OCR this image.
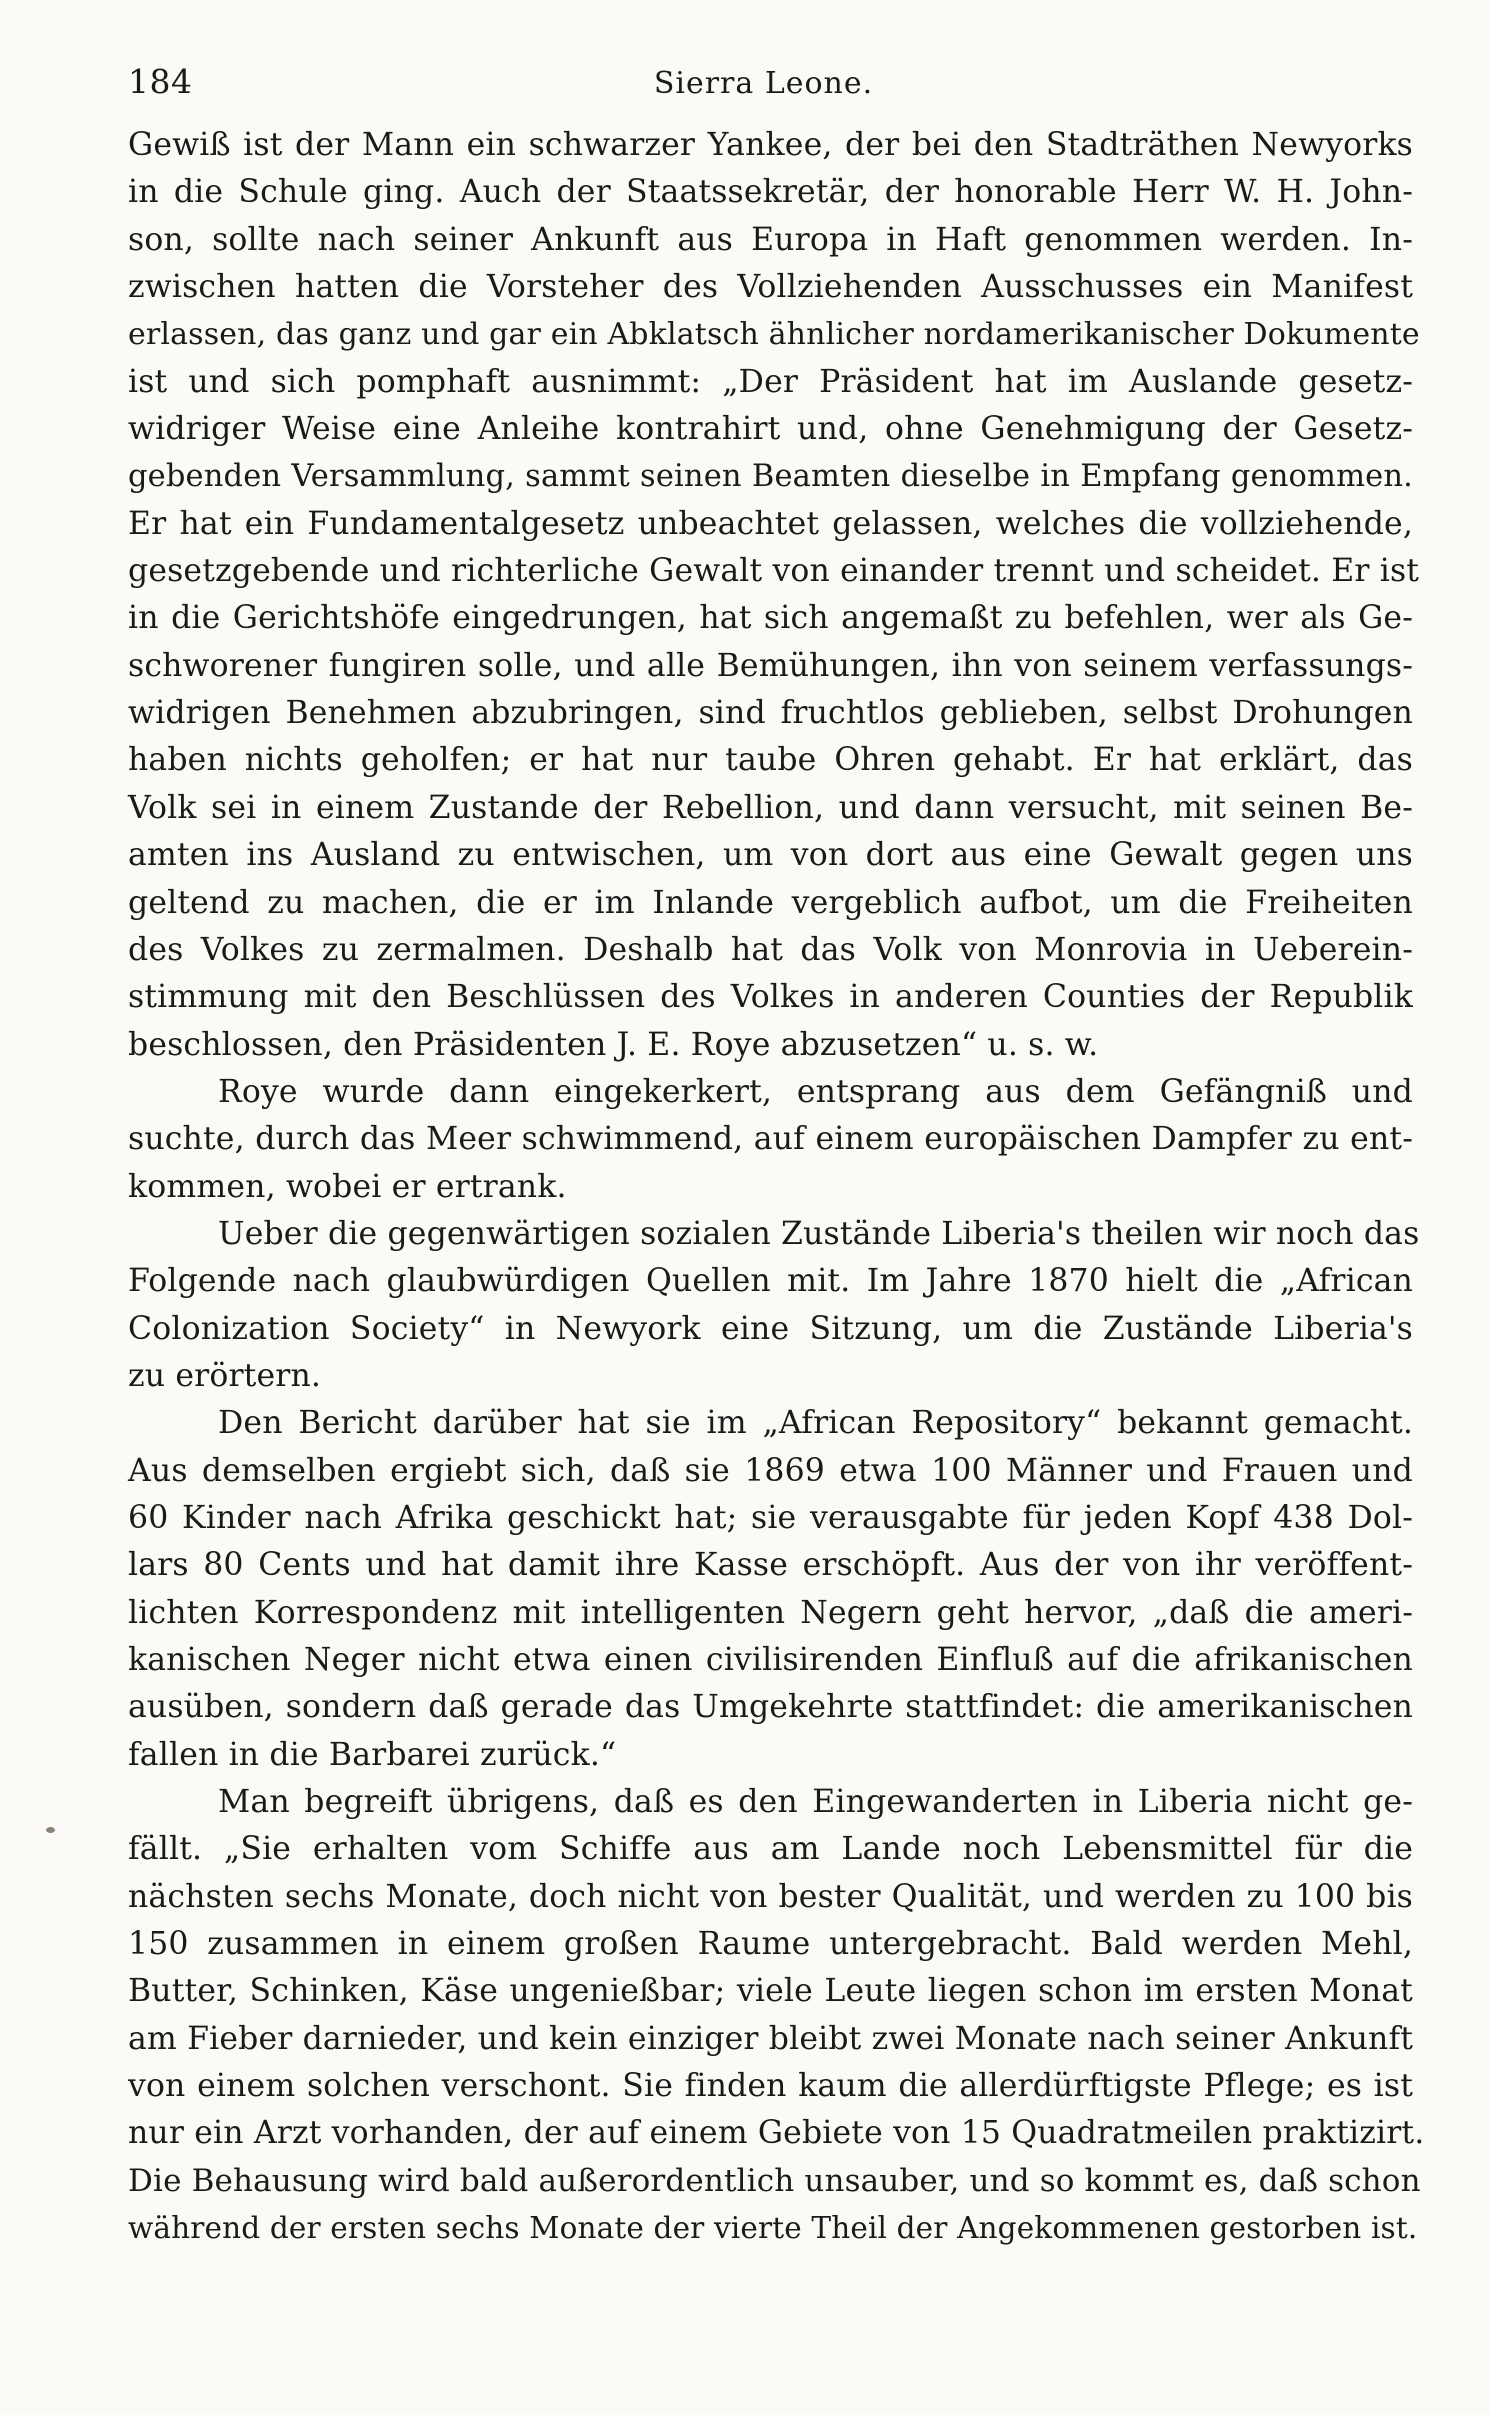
184	Sierra Leone.
Gewiß ist der Mann ein schwarzer Yankee, der bei den Stadträthen Newyorks
in die Schule ging. Auch der Staatssekretär, der honorable Herr W. H. John-
son, sollte nach seiner Ankunft aus Europa in Haft genommen werden. In-
zwischen hatten die Vorsteher des Vollziehenden Ausschusses ein Manifest
erlassen, das ganz und gar ein Abklatsch ähnlicher nordamerikanischer Dokumente
ist und sich pomphaft ausnimmt: „Der Präsident hat im Auslande gesetz-
widriger Weise eine Anleihe kontrahirt und, ohne Genehmigung der Gesetz-
gebenden Versammlung, sammt seinen Beamten dieselbe in Empfang genommen.
Er hat ein Fundamentalgesetz unbeachtet gelassen, welches die vollziehende,
gesetzgebende und richterliche Gewalt von einander trennt und scheidet. Er ist
in die Gerichtshöfe eingedrungen, hat sich angemaßt zu befehlen, wer als Ge-
schworener fungiren solle, und alle Bemühungen, ihn von seinem verfassungs-
widrigen Benehmen abzubringen, sind fruchtlos geblieben, selbst Drohungen
haben nichts geholfen; er hat nur taube Ohren gehabt. Er hat erklärt, das
Volk sei in einem Zustande der Rebellion, und dann versucht, mit seinen Be-
amten ins Ausland zu entwischen, um von dort aus eine Gewalt gegen uns
geltend zu machen, die er im Inlande vergeblich aufbot, um die Freiheiten
des Volkes zu zermalmen. Deshalb hat das Volk von Monrovia in Ueberein-
stimmung mit den Beschlüssen des Volkes in anderen Counties der Republik
beschlossen, den Präsidenten J. E. Roye abzusetzen“ u. s. w.
Roye wurde dann eingekerkert, entsprang aus dem Gefängniß und
suchte, durch das Meer schwimmend, auf einem europäischen Dampfer zu ent-
kommen, wobei er ertrank.
Ueber die gegenwärtigen sozialen Zustände Liberia's theilen wir noch das
Folgende nach glaubwürdigen Quellen mit. Im Jahre 1870 hielt die „African
Colonization Society“ in Newyork eine Sitzung, um die Zustände Liberia's
zu erörtern.
Den Bericht darüber hat sie im „African Repository“ bekannt gemacht.
Aus demselben ergiebt sich, daß sie 1869 etwa 100 Männer und Frauen und
60 Kinder nach Afrika geschickt hat; sie verausgabte für jeden Kopf 438 Dol-
lars 80 Cents und hat damit ihre Kasse erschöpft. Aus der von ihr veröffent-
lichten Korrespondenz mit intelligenten Negern geht hervor, „daß die ameri-
kanischen Neger nicht etwa einen civilisirenden Einfluß auf die afrikanischen
ausüben, sondern daß gerade das Umgekehrte stattfindet: die amerikanischen
fallen in die Barbarei zurück.“
Man begreift übrigens, daß es den Eingewanderten in Liberia nicht ge-
fällt. „Sie erhalten vom Schiffe aus am Lande noch Lebensmittel für die
nächsten sechs Monate, doch nicht von bester Qualität, und werden zu 100 bis
150 zusammen in einem großen Raume untergebracht. Bald werden Mehl,
Butter, Schinken, Käse ungenießbar; viele Leute liegen schon im ersten Monat
am Fieber darnieder, und kein einziger bleibt zwei Monate nach seiner Ankunft
von einem solchen verschont. Sie finden kaum die allerdürftigste Pflege; es ist
nur ein Arzt vorhanden, der auf einem Gebiete von 15 Quadratmeilen praktizirt.
Die Behausung wird bald außerordentlich unsauber, und so kommt es, daß schon
während der ersten sechs Monate der vierte Theil der Angekommenen gestorben ist.
